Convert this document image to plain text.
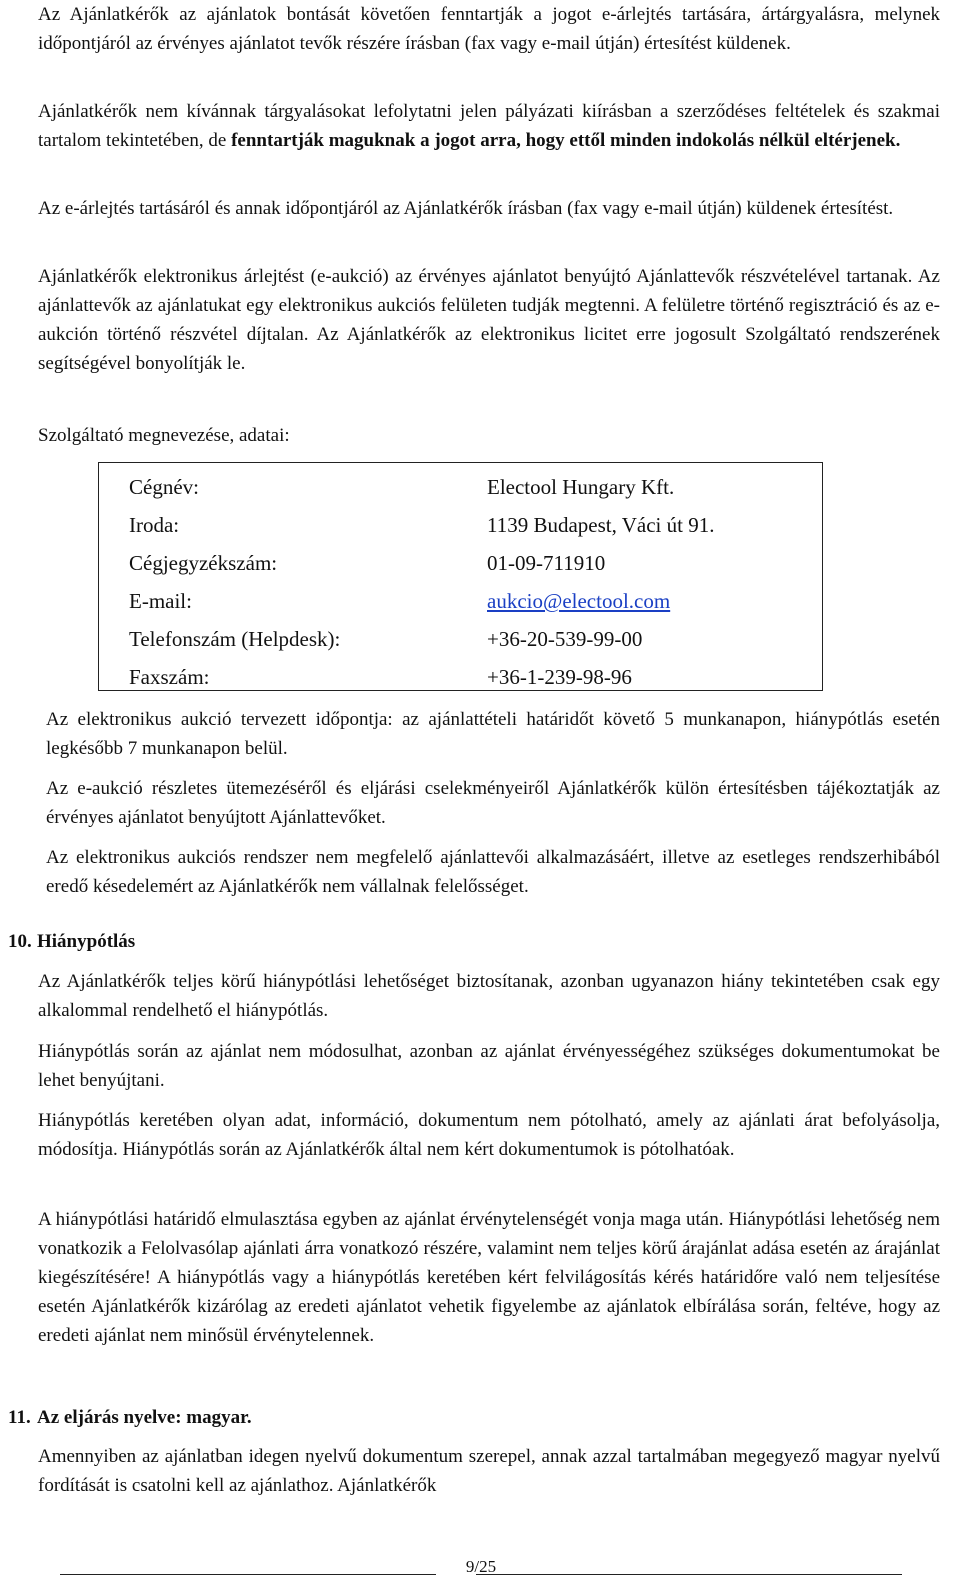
Az Ajánlatkérők az ajánlatok bontását követően fenntartják a jogot e-árlejtés tartására, ártárgyalásra, melynek időpontjáról az érvényes ajánlatot tevők részére írásban (fax vagy e-mail útján) értesítést küldenek.

Ajánlatkérők nem kívánnak tárgyalásokat lefolytatni jelen pályázati kiírásban a szerződéses feltételek és szakmai tartalom tekintetében, de fenntartják maguknak a jogot arra, hogy ettől minden indokolás nélkül eltérjenek.

Az e-árlejtés tartásáról és annak időpontjáról az Ajánlatkérők írásban (fax vagy e-mail útján) küldenek értesítést.

Ajánlatkérők elektronikus árlejtést (e-aukció) az érvényes ajánlatot benyújtó Ajánlattevők részvételével tartanak. Az ajánlattevők az ajánlatukat egy elektronikus aukciós felületen tudják megtenni. A felületre történő regisztráció és az e-aukción történő részvétel díjtalan. Az Ajánlatkérők az elektronikus licitet erre jogosult Szolgáltató rendszerének segítségével bonyolítják le.

Szolgáltató megnevezése, adatai:

Cégnév:	Electool Hungary Kft.
Iroda:	1139 Budapest, Váci út 91.
Cégjegyzékszám:	01-09-711910
E-mail:	aukcio@electool.com
Telefonszám (Helpdesk):	+36-20-539-99-00
Faxszám:	+36-1-239-98-96

Az elektronikus aukció tervezett időpontja: az ajánlattételi határidőt követő 5 munkanapon, hiánypótlás esetén legkésőbb 7 munkanapon belül.

Az e-aukció részletes ütemezéséről és eljárási cselekményeiről Ajánlatkérők külön értesítésben tájékoztatják az érvényes ajánlatot benyújtott Ajánlattevőket.

Az elektronikus aukciós rendszer nem megfelelő ajánlattevői alkalmazásáért, illetve az esetleges rendszerhibából eredő késedelemért az Ajánlatkérők nem vállalnak felelősséget.

10. Hiánypótlás

Az Ajánlatkérők teljes körű hiánypótlási lehetőséget biztosítanak, azonban ugyanazon hiány tekintetében csak egy alkalommal rendelhető el hiánypótlás.

Hiánypótlás során az ajánlat nem módosulhat, azonban az ajánlat érvényességéhez szükséges dokumentumokat be lehet benyújtani.

Hiánypótlás keretében olyan adat, információ, dokumentum nem pótolható, amely az ajánlati árat befolyásolja, módosítja. Hiánypótlás során az Ajánlatkérők által nem kért dokumentumok is pótolhatóak.

A hiánypótlási határidő elmulasztása egyben az ajánlat érvénytelenségét vonja maga után. Hiánypótlási lehetőség nem vonatkozik a Felolvasólap ajánlati árra vonatkozó részére, valamint nem teljes körű árajánlat adása esetén az árajánlat kiegészítésére! A hiánypótlás vagy a hiánypótlás keretében kért felvilágosítás kérés határidőre való nem teljesítése esetén Ajánlatkérők kizárólag az eredeti ajánlatot vehetik figyelembe az ajánlatok elbírálása során, feltéve, hogy az eredeti ajánlat nem minősül érvénytelennek.

11. Az eljárás nyelve: magyar.

Amennyiben az ajánlatban idegen nyelvű dokumentum szerepel, annak azzal tartalmában megegyező magyar nyelvű fordítását is csatolni kell az ajánlathoz. Ajánlatkérők

9/25
